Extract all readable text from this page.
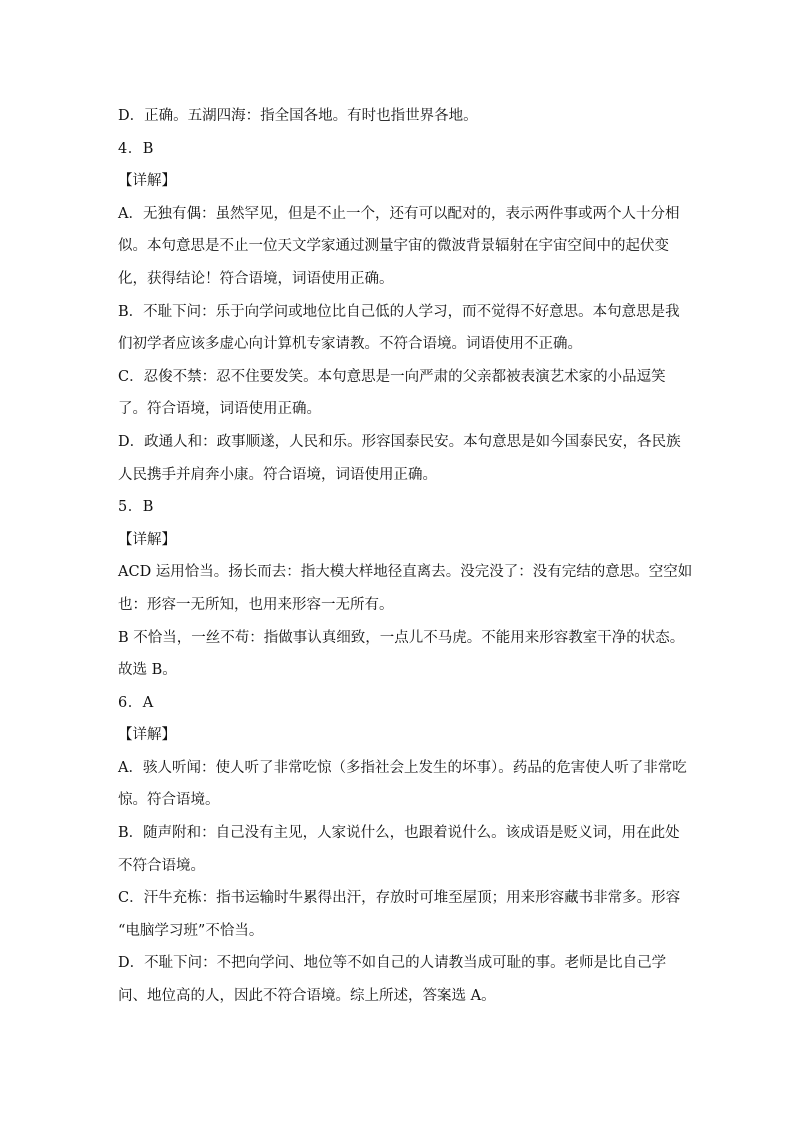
D．正确。五湖四海：指全国各地。有时也指世界各地。

4．B

【详解】

A．无独有偶：虽然罕见，但是不止一个，还有可以配对的，表示两件事或两个人十分相

似。本句意思是不止一位天文学家通过测量宇宙的微波背景辐射在宇宙空间中的起伏变

化，获得结论！符合语境，词语使用正确。

B．不耻下问：乐于向学问或地位比自己低的人学习，而不觉得不好意思。本句意思是我

们初学者应该多虚心向计算机专家请教。不符合语境。词语使用不正确。

C．忍俊不禁：忍不住要发笑。本句意思是一向严肃的父亲都被表演艺术家的小品逗笑

了。符合语境，词语使用正确。

D．政通人和：政事顺遂，人民和乐。形容国泰民安。本句意思是如今国泰民安，各民族

人民携手并肩奔小康。符合语境，词语使用正确。

5．B

【详解】

ACD 运用恰当。扬长而去：指大模大样地径直离去。没完没了：没有完结的意思。空空如

也：形容一无所知，也用来形容一无所有。

B 不恰当，一丝不苟：指做事认真细致，一点儿不马虎。不能用来形容教室干净的状态。

故选 B。

6．A

【详解】

A．骇人听闻：使人听了非常吃惊（多指社会上发生的坏事）。药品的危害使人听了非常吃

惊。符合语境。

B．随声附和：自己没有主见，人家说什么，也跟着说什么。该成语是贬义词，用在此处

不符合语境。

C．汗牛充栋：指书运输时牛累得出汗，存放时可堆至屋顶；用来形容藏书非常多。形容

“电脑学习班”不恰当。

D．不耻下问：不把向学问、地位等不如自己的人请教当成可耻的事。老师是比自己学

问、地位高的人，因此不符合语境。综上所述，答案选 A。
